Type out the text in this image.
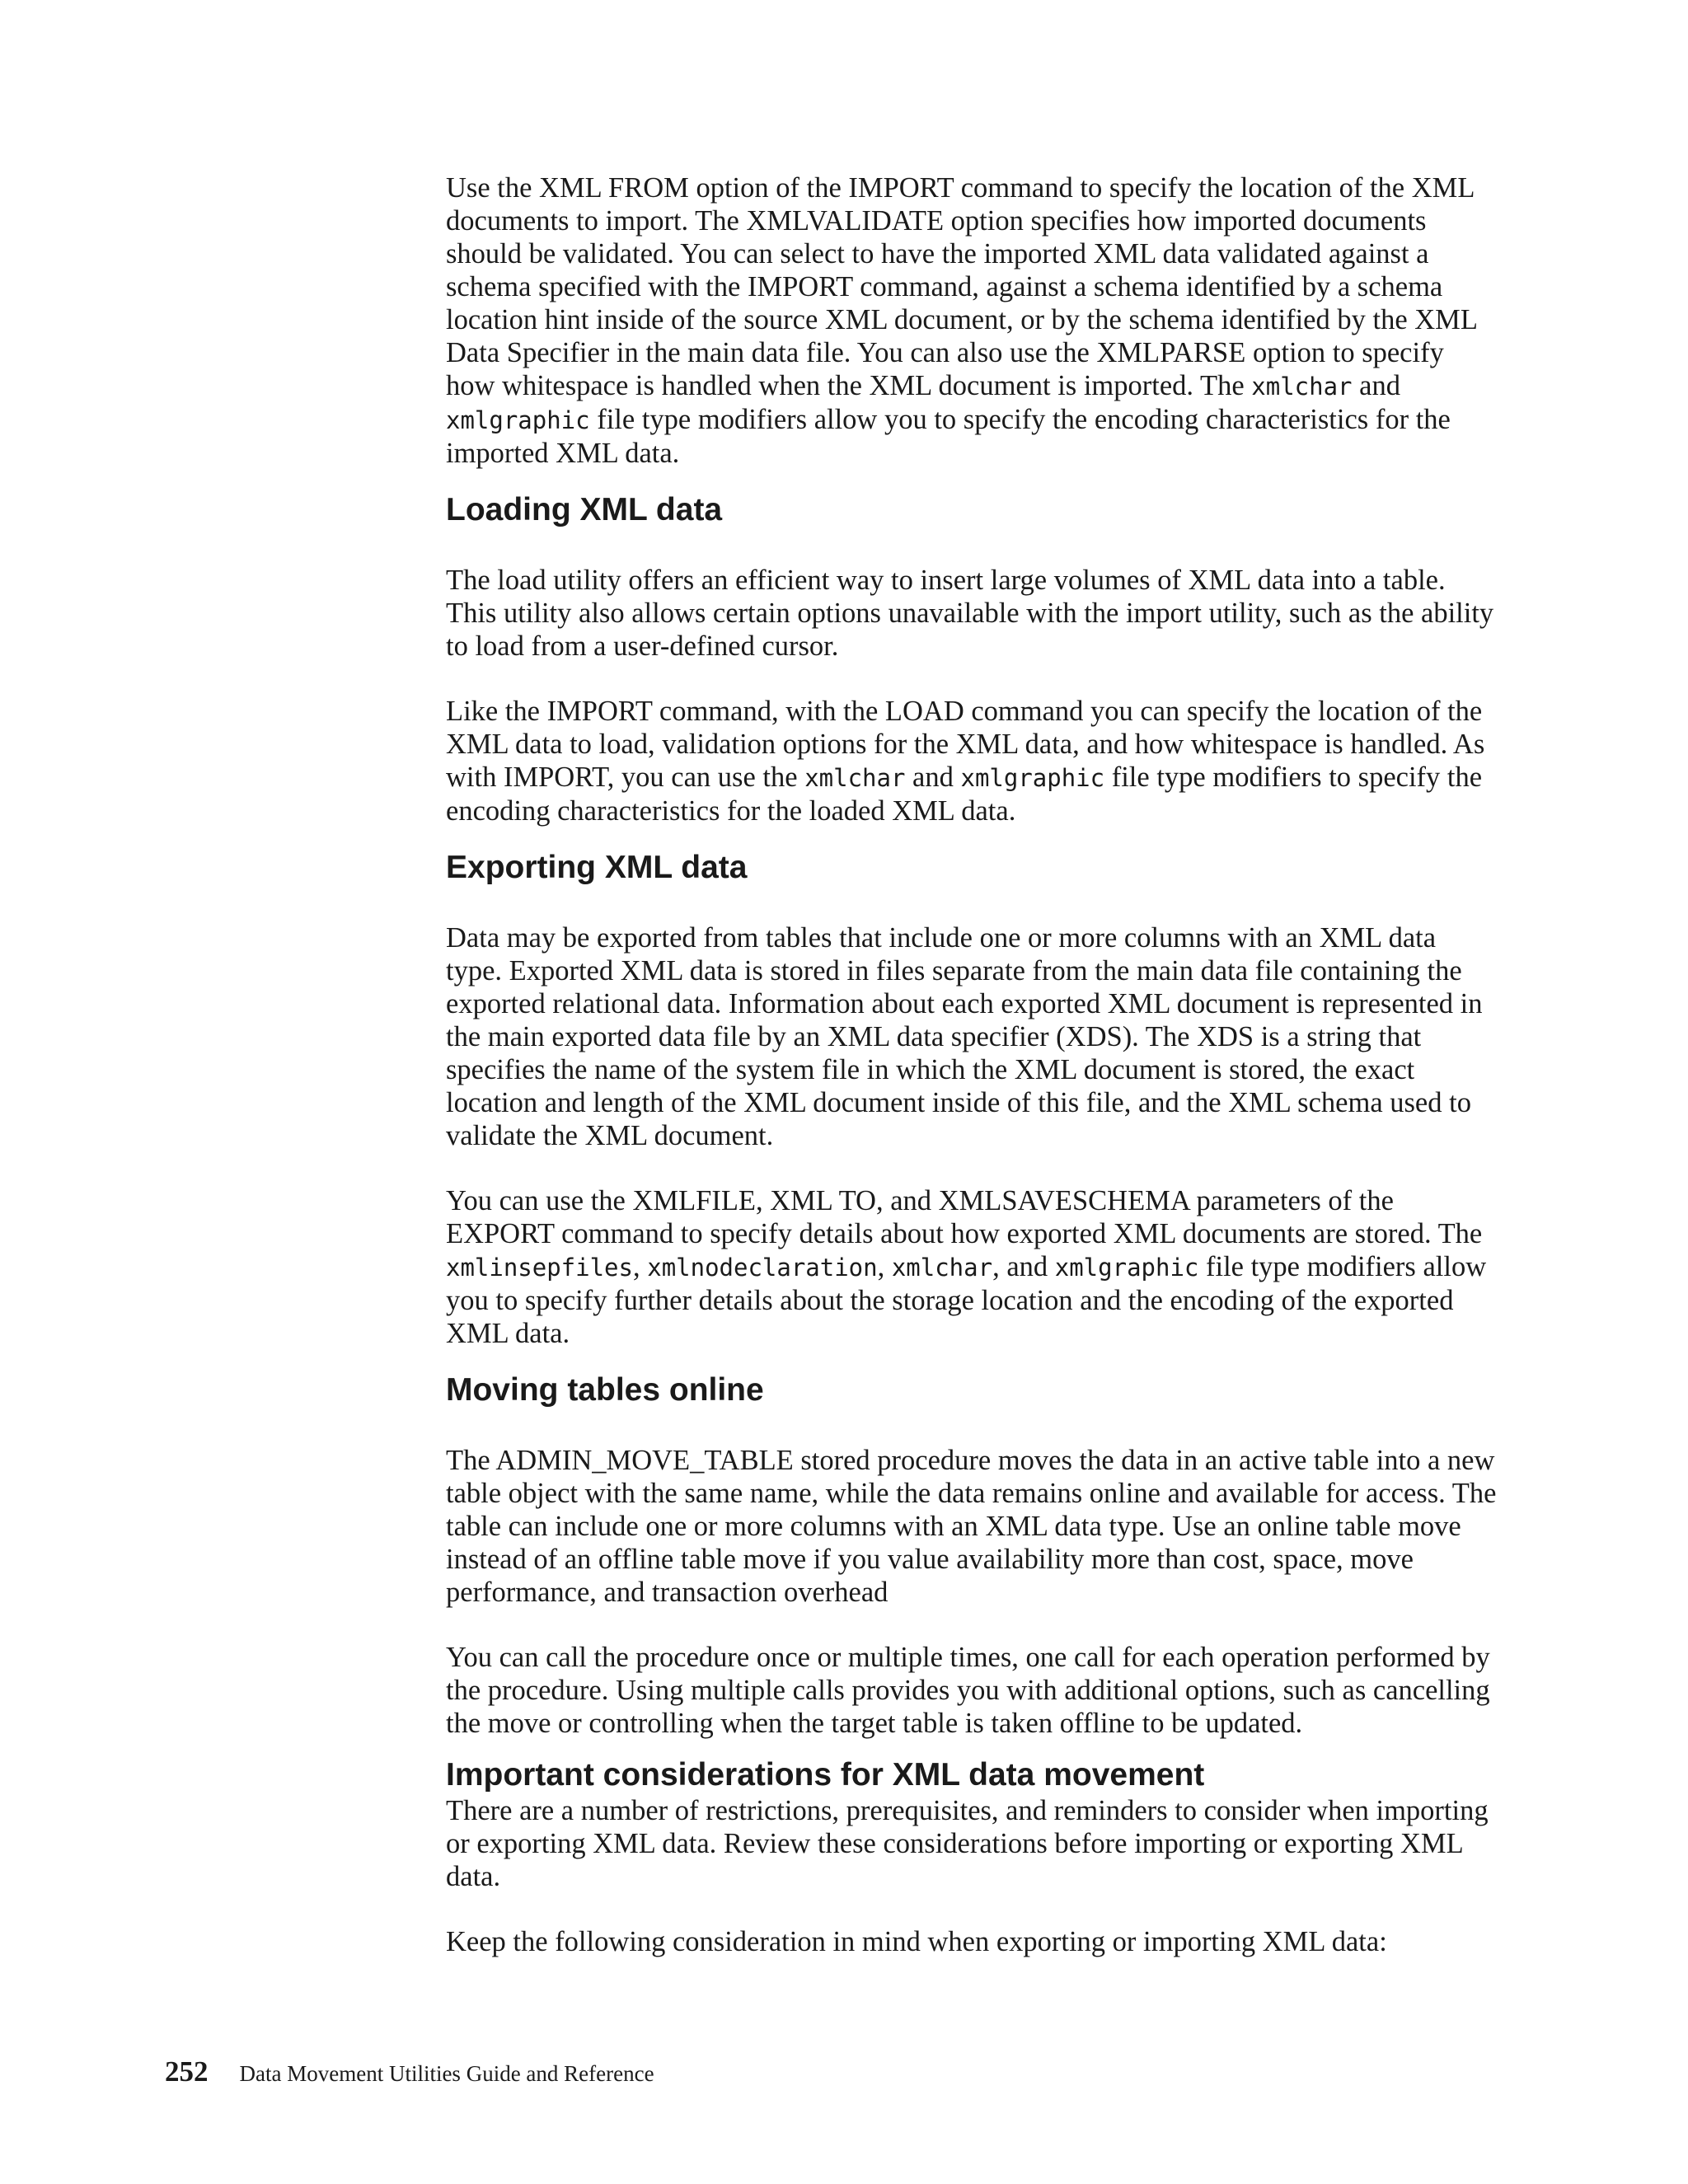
Use the XML FROM option of the IMPORT command to specify the location of the XML documents to import. The XMLVALIDATE option specifies how imported documents should be validated. You can select to have the imported XML data validated against a schema specified with the IMPORT command, against a schema identified by a schema location hint inside of the source XML document, or by the schema identified by the XML Data Specifier in the main data file. You can also use the XMLPARSE option to specify how whitespace is handled when the XML document is imported. The xmlchar and xmlgraphic file type modifiers allow you to specify the encoding characteristics for the imported XML data.

Loading XML data

The load utility offers an efficient way to insert large volumes of XML data into a table. This utility also allows certain options unavailable with the import utility, such as the ability to load from a user-defined cursor.

Like the IMPORT command, with the LOAD command you can specify the location of the XML data to load, validation options for the XML data, and how whitespace is handled. As with IMPORT, you can use the xmlchar and xmlgraphic file type modifiers to specify the encoding characteristics for the loaded XML data.

Exporting XML data

Data may be exported from tables that include one or more columns with an XML data type. Exported XML data is stored in files separate from the main data file containing the exported relational data. Information about each exported XML document is represented in the main exported data file by an XML data specifier (XDS). The XDS is a string that specifies the name of the system file in which the XML document is stored, the exact location and length of the XML document inside of this file, and the XML schema used to validate the XML document.

You can use the XMLFILE, XML TO, and XMLSAVESCHEMA parameters of the EXPORT command to specify details about how exported XML documents are stored. The xmlinsepfiles, xmlnodeclaration, xmlchar, and xmlgraphic file type modifiers allow you to specify further details about the storage location and the encoding of the exported XML data.

Moving tables online

The ADMIN_MOVE_TABLE stored procedure moves the data in an active table into a new table object with the same name, while the data remains online and available for access. The table can include one or more columns with an XML data type. Use an online table move instead of an offline table move if you value availability more than cost, space, move performance, and transaction overhead

You can call the procedure once or multiple times, one call for each operation performed by the procedure. Using multiple calls provides you with additional options, such as cancelling the move or controlling when the target table is taken offline to be updated.

Important considerations for XML data movement

There are a number of restrictions, prerequisites, and reminders to consider when importing or exporting XML data. Review these considerations before importing or exporting XML data.

Keep the following consideration in mind when exporting or importing XML data:

252 Data Movement Utilities Guide and Reference
